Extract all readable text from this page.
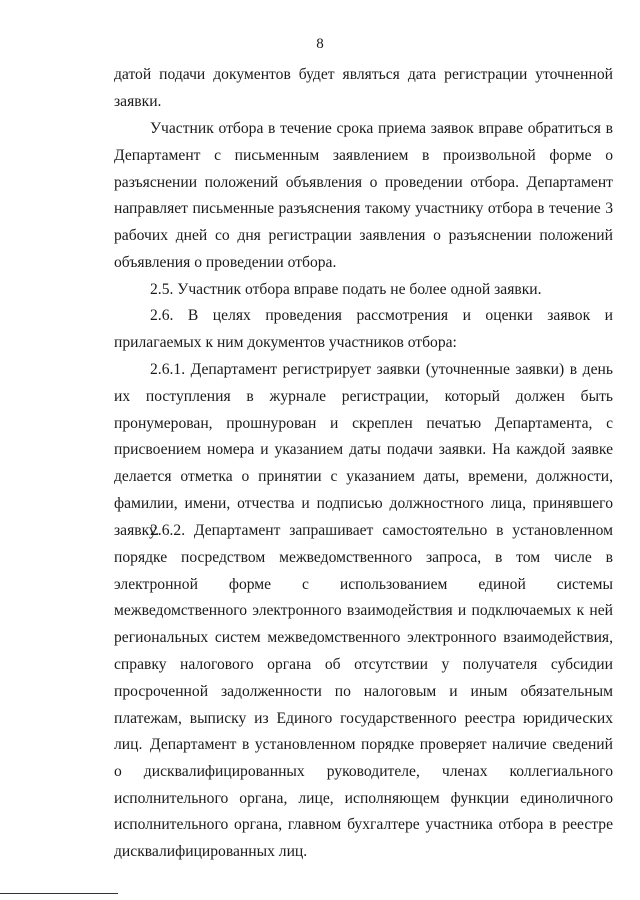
8

датой подачи документов будет являться дата регистрации уточненной заявки.

Участник отбора в течение срока приема заявок вправе обратиться в Департамент с письменным заявлением в произвольной форме о разъяснении положений объявления о проведении отбора. Департамент направляет письменные разъяснения такому участнику отбора в течение 3 рабочих дней со дня регистрации заявления о разъяснении положений объявления о проведении отбора.

2.5. Участник отбора вправе подать не более одной заявки.

2.6. В целях проведения рассмотрения и оценки заявок и прилагаемых к ним документов участников отбора:

2.6.1. Департамент регистрирует заявки (уточненные заявки) в день их поступления в журнале регистрации, который должен быть пронумерован, прошнурован и скреплен печатью Департамента, с присвоением номера и указанием даты подачи заявки. На каждой заявке делается отметка о принятии с указанием даты, времени, должности, фамилии, имени, отчества и подписью должностного лица, принявшего заявку.

2.6.2. Департамент запрашивает самостоятельно в установленном порядке посредством межведомственного запроса, в том числе в электронной форме с использованием единой системы межведомственного электронного взаимодействия и подключаемых к ней региональных систем межведомственного электронного взаимодействия, справку налогового органа об отсутствии у получателя субсидии просроченной задолженности по налоговым и иным обязательным платежам, выписку из Единого государственного реестра юридических лиц. Департамент в установленном порядке проверяет наличие сведений о дисквалифицированных руководителе, членах коллегиального исполнительного органа, лице, исполняющем функции единоличного исполнительного органа, главном бухгалтере участника отбора в реестре дисквалифицированных лиц.
